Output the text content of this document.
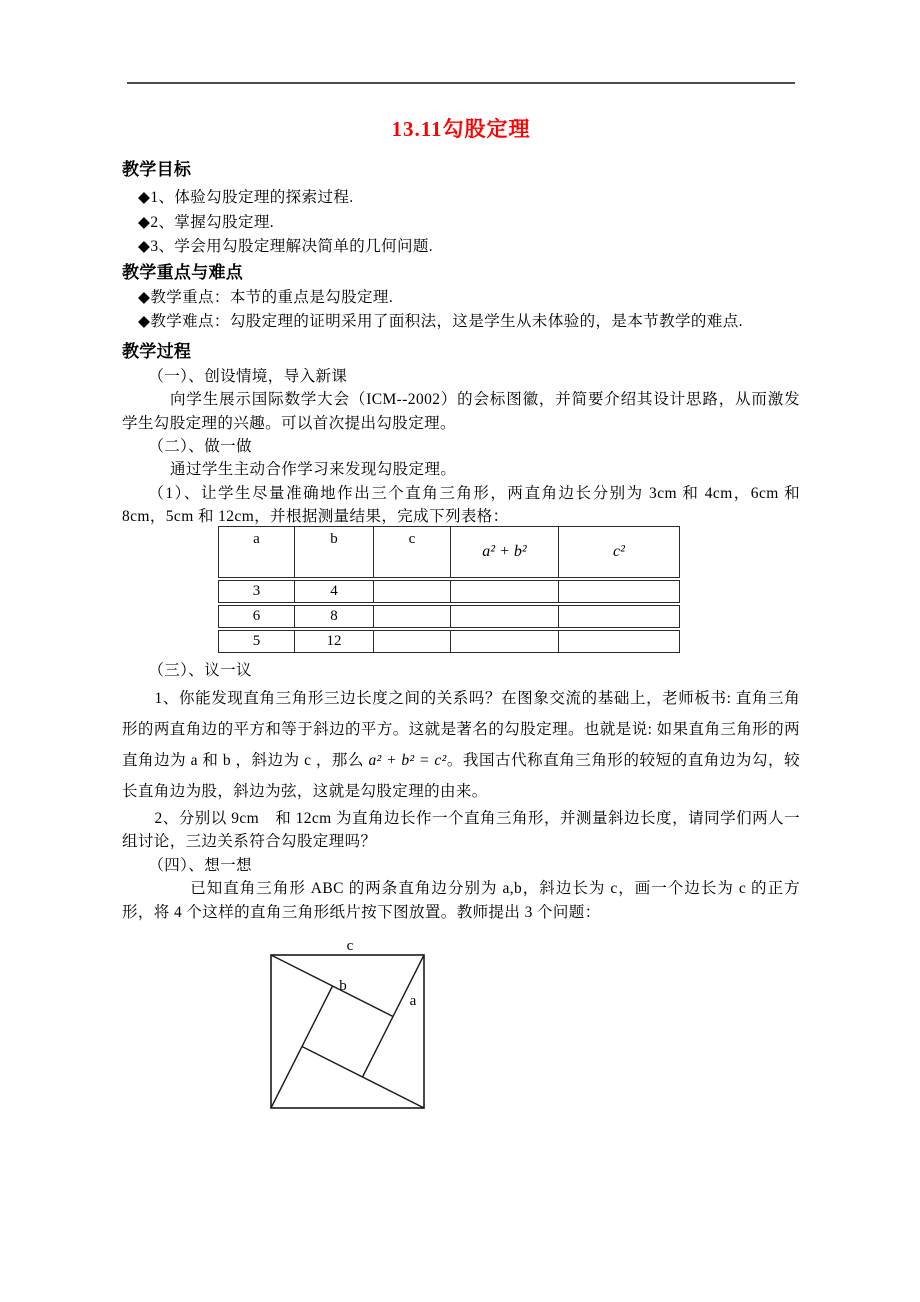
13.11勾股定理
教学目标

◆1、体验勾股定理的探索过程.

◆2、掌握勾股定理.

◆3、学会用勾股定理解决简单的几何问题.

教学重点与难点

◆教学重点：本节的重点是勾股定理.

◆教学难点：勾股定理的证明采用了面积法，这是学生从未体验的，是本节教学的难点.

教学过程

（一）、创设情境，导入新课

向学生展示国际数学大会（ICM--2002）的会标图徽，并简要介绍其设计思路，从而激发学生勾股定理的兴趣。可以首次提出勾股定理。

（二）、做一做

通过学生主动合作学习来发现勾股定理。

（1）、让学生尽量准确地作出三个直角三角形，两直角边长分别为 3cm 和 4cm，6cm 和 8cm，5cm 和 12cm，并根据测量结果，完成下列表格：

a	b	c	a² + b²	c²
3	4			
6	8			
5	12			

（三）、议一议

1、你能发现直角三角形三边长度之间的关系吗？在图象交流的基础上，老师板书: 直角三角形的两直角边的平方和等于斜边的平方。这就是著名的勾股定理。也就是说: 如果直角三角形的两直角边为 a 和 b ，斜边为 c ，那么 a² + b² = c²。我国古代称直角三角形的较短的直角边为勾，较长直角边为股，斜边为弦，这就是勾股定理的由来。

2、分别以 9cm　和 12cm 为直角边长作一个直角三角形，并测量斜边长度，请同学们两人一组讨论，三边关系符合勾股定理吗？

（四）、想一想

已知直角三角形 ABC 的两条直角边分别为 a,b，斜边长为 c，画一个边长为 c 的正方形，将 4 个这样的直角三角形纸片按下图放置。教师提出 3 个问题：

c
b
a
